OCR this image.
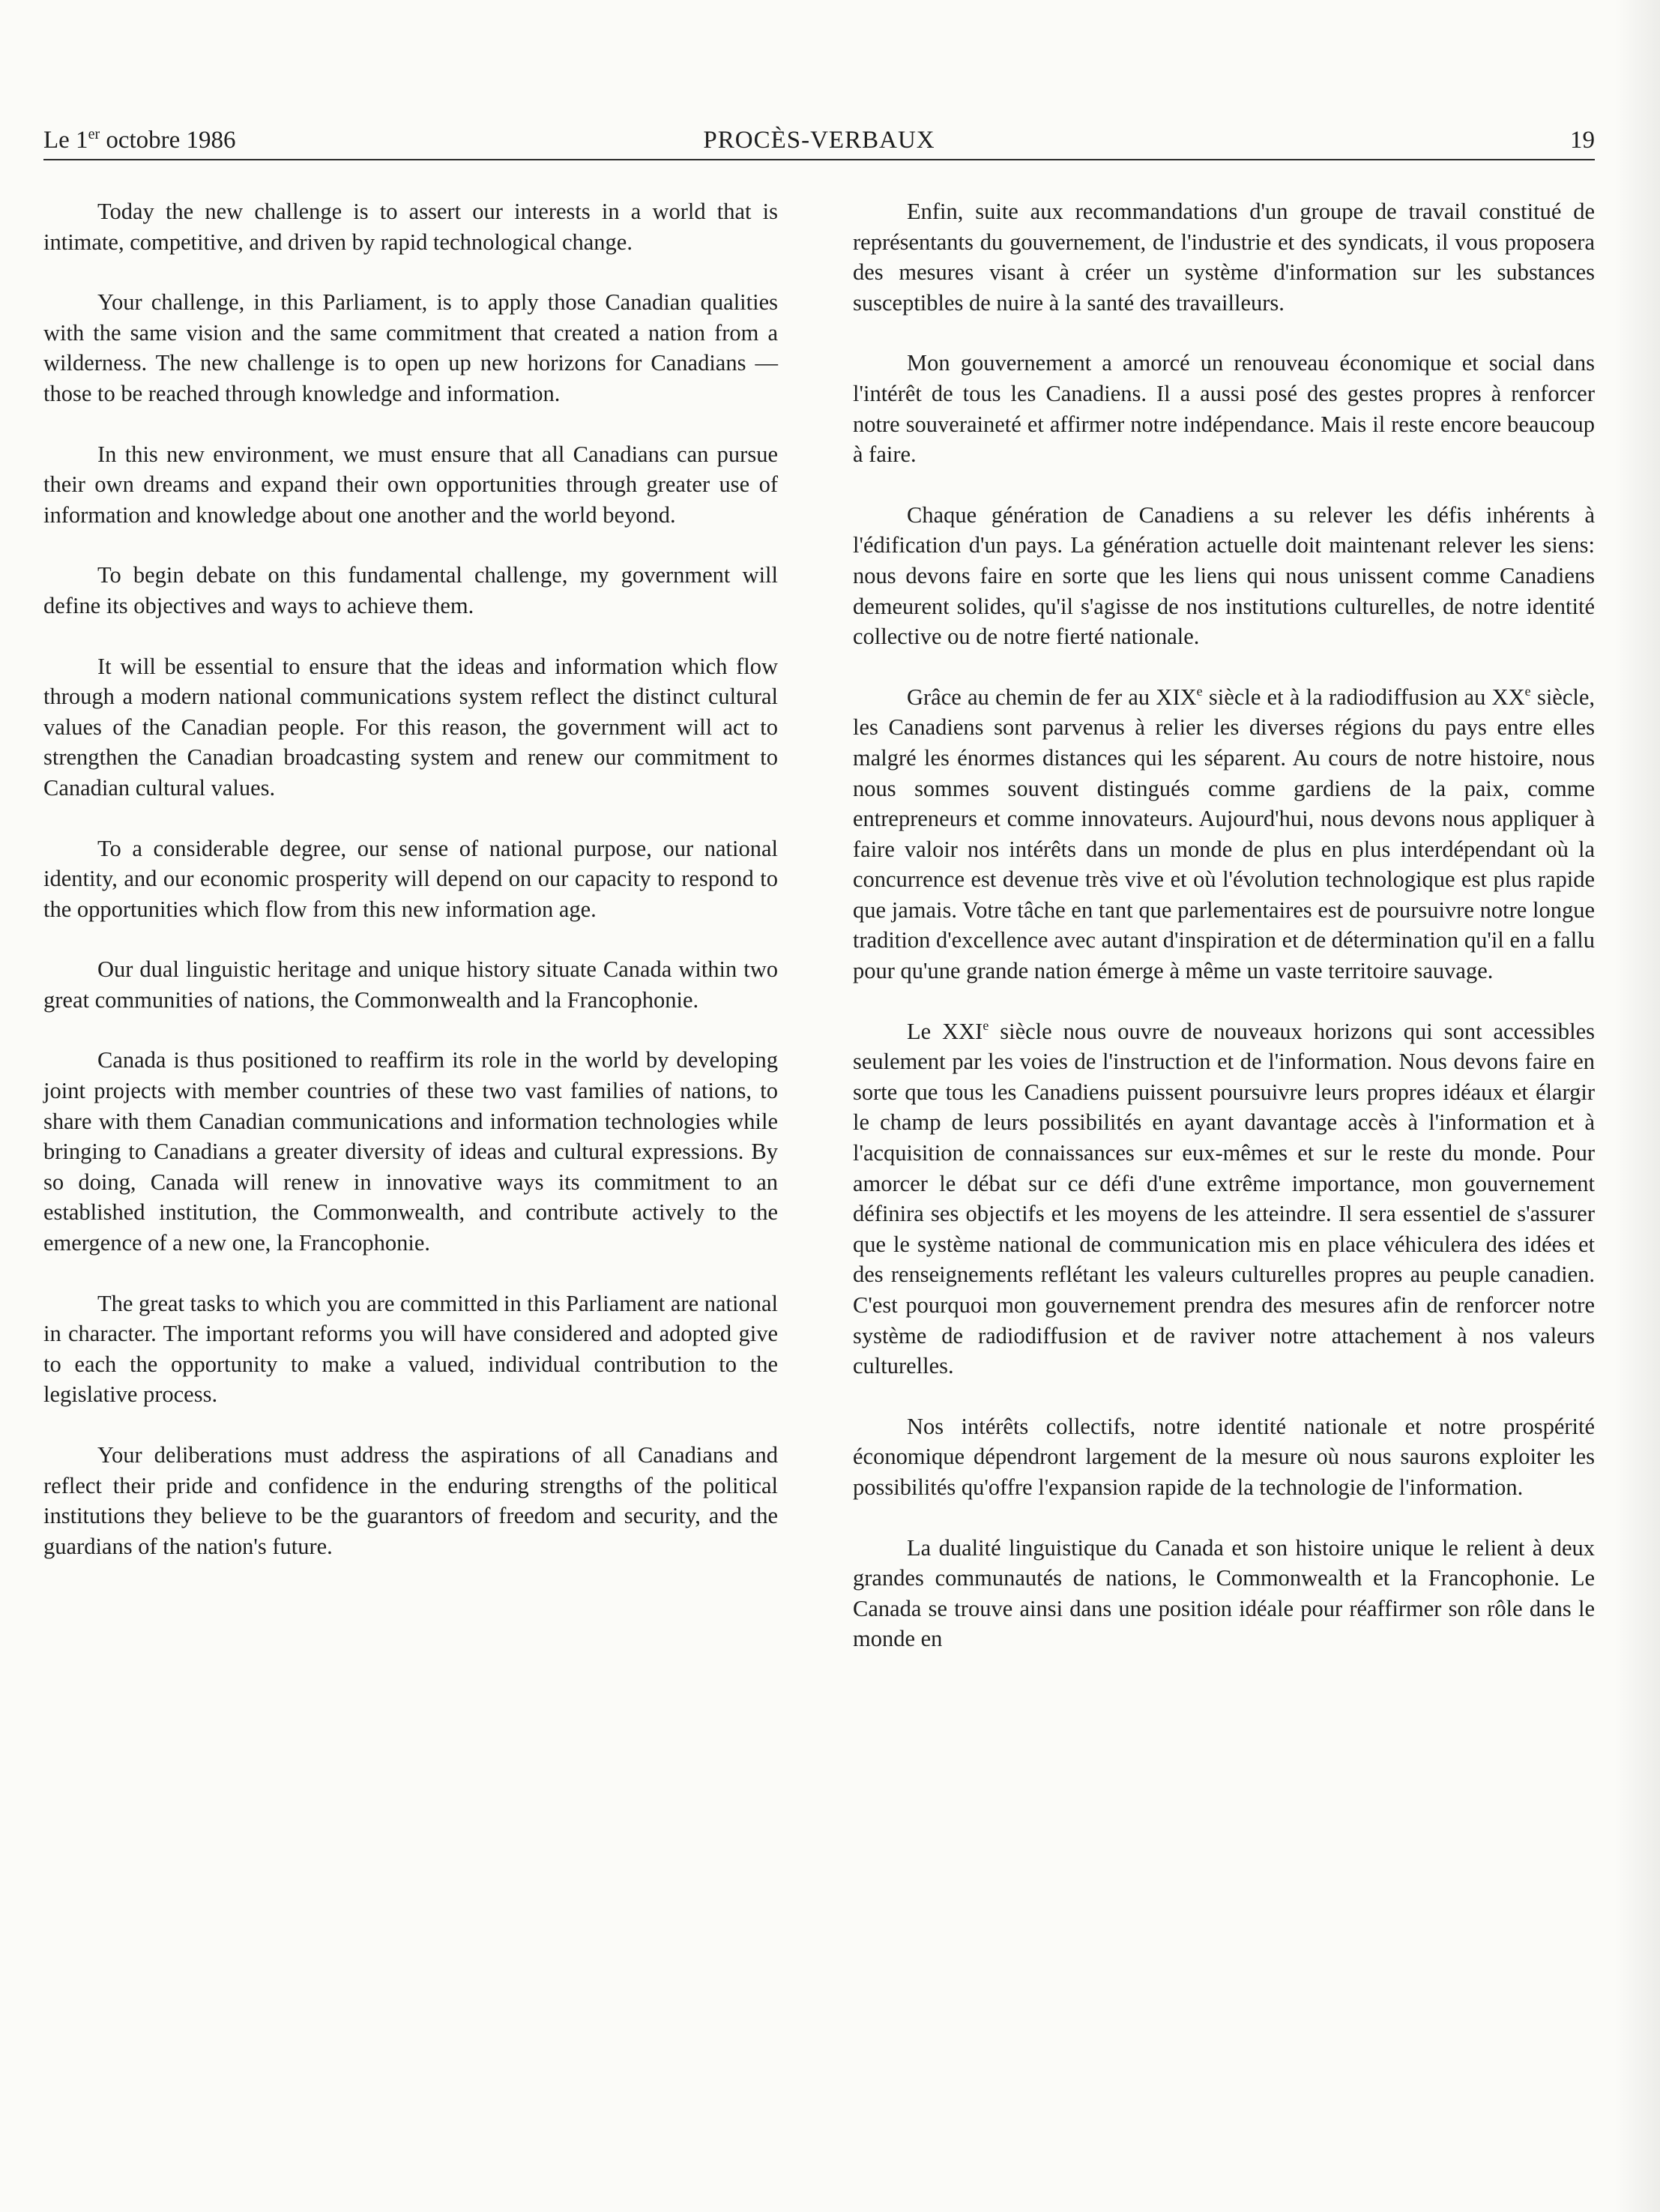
Le 1er octobre 1986	PROCÈS-VERBAUX	19

Today the new challenge is to assert our interests in a world that is intimate, competitive, and driven by rapid technological change.

Your challenge, in this Parliament, is to apply those Canadian qualities with the same vision and the same commitment that created a nation from a wilderness. The new challenge is to open up new horizons for Canadians — those to be reached through knowledge and information.

In this new environment, we must ensure that all Canadians can pursue their own dreams and expand their own opportunities through greater use of information and knowledge about one another and the world beyond.

To begin debate on this fundamental challenge, my government will define its objectives and ways to achieve them.

It will be essential to ensure that the ideas and information which flow through a modern national communications system reflect the distinct cultural values of the Canadian people. For this reason, the government will act to strengthen the Canadian broadcasting system and renew our commitment to Canadian cultural values.

To a considerable degree, our sense of national purpose, our national identity, and our economic prosperity will depend on our capacity to respond to the opportunities which flow from this new information age.

Our dual linguistic heritage and unique history situate Canada within two great communities of nations, the Commonwealth and la Francophonie.

Canada is thus positioned to reaffirm its role in the world by developing joint projects with member countries of these two vast families of nations, to share with them Canadian communications and information technologies while bringing to Canadians a greater diversity of ideas and cultural expressions. By so doing, Canada will renew in innovative ways its commitment to an established institution, the Commonwealth, and contribute actively to the emergence of a new one, la Francophonie.

The great tasks to which you are committed in this Parliament are national in character. The important reforms you will have considered and adopted give to each the opportunity to make a valued, individual contribution to the legislative process.

Your deliberations must address the aspirations of all Canadians and reflect their pride and confidence in the enduring strengths of the political institutions they believe to be the guarantors of freedom and security, and the guardians of the nation's future.

Enfin, suite aux recommandations d'un groupe de travail constitué de représentants du gouvernement, de l'industrie et des syndicats, il vous proposera des mesures visant à créer un système d'information sur les substances susceptibles de nuire à la santé des travailleurs.

Mon gouvernement a amorcé un renouveau économique et social dans l'intérêt de tous les Canadiens. Il a aussi posé des gestes propres à renforcer notre souveraineté et affirmer notre indépendance. Mais il reste encore beaucoup à faire.

Chaque génération de Canadiens a su relever les défis inhérents à l'édification d'un pays. La génération actuelle doit maintenant relever les siens: nous devons faire en sorte que les liens qui nous unissent comme Canadiens demeurent solides, qu'il s'agisse de nos institutions culturelles, de notre identité collective ou de notre fierté nationale.

Grâce au chemin de fer au XIXe siècle et à la radiodiffusion au XXe siècle, les Canadiens sont parvenus à relier les diverses régions du pays entre elles malgré les énormes distances qui les séparent. Au cours de notre histoire, nous nous sommes souvent distingués comme gardiens de la paix, comme entrepreneurs et comme innovateurs. Aujourd'hui, nous devons nous appliquer à faire valoir nos intérêts dans un monde de plus en plus interdépendant où la concurrence est devenue très vive et où l'évolution technologique est plus rapide que jamais. Votre tâche en tant que parlementaires est de poursuivre notre longue tradition d'excellence avec autant d'inspiration et de détermination qu'il en a fallu pour qu'une grande nation émerge à même un vaste territoire sauvage.

Le XXIe siècle nous ouvre de nouveaux horizons qui sont accessibles seulement par les voies de l'instruction et de l'information. Nous devons faire en sorte que tous les Canadiens puissent poursuivre leurs propres idéaux et élargir le champ de leurs possibilités en ayant davantage accès à l'information et à l'acquisition de connaissances sur eux-mêmes et sur le reste du monde. Pour amorcer le débat sur ce défi d'une extrême importance, mon gouvernement définira ses objectifs et les moyens de les atteindre. Il sera essentiel de s'assurer que le système national de communication mis en place véhiculera des idées et des renseignements reflétant les valeurs culturelles propres au peuple canadien. C'est pourquoi mon gouvernement prendra des mesures afin de renforcer notre système de radiodiffusion et de raviver notre attachement à nos valeurs culturelles.

Nos intérêts collectifs, notre identité nationale et notre prospérité économique dépendront largement de la mesure où nous saurons exploiter les possibilités qu'offre l'expansion rapide de la technologie de l'information.

La dualité linguistique du Canada et son histoire unique le relient à deux grandes communautés de nations, le Commonwealth et la Francophonie. Le Canada se trouve ainsi dans une position idéale pour réaffirmer son rôle dans le monde en
